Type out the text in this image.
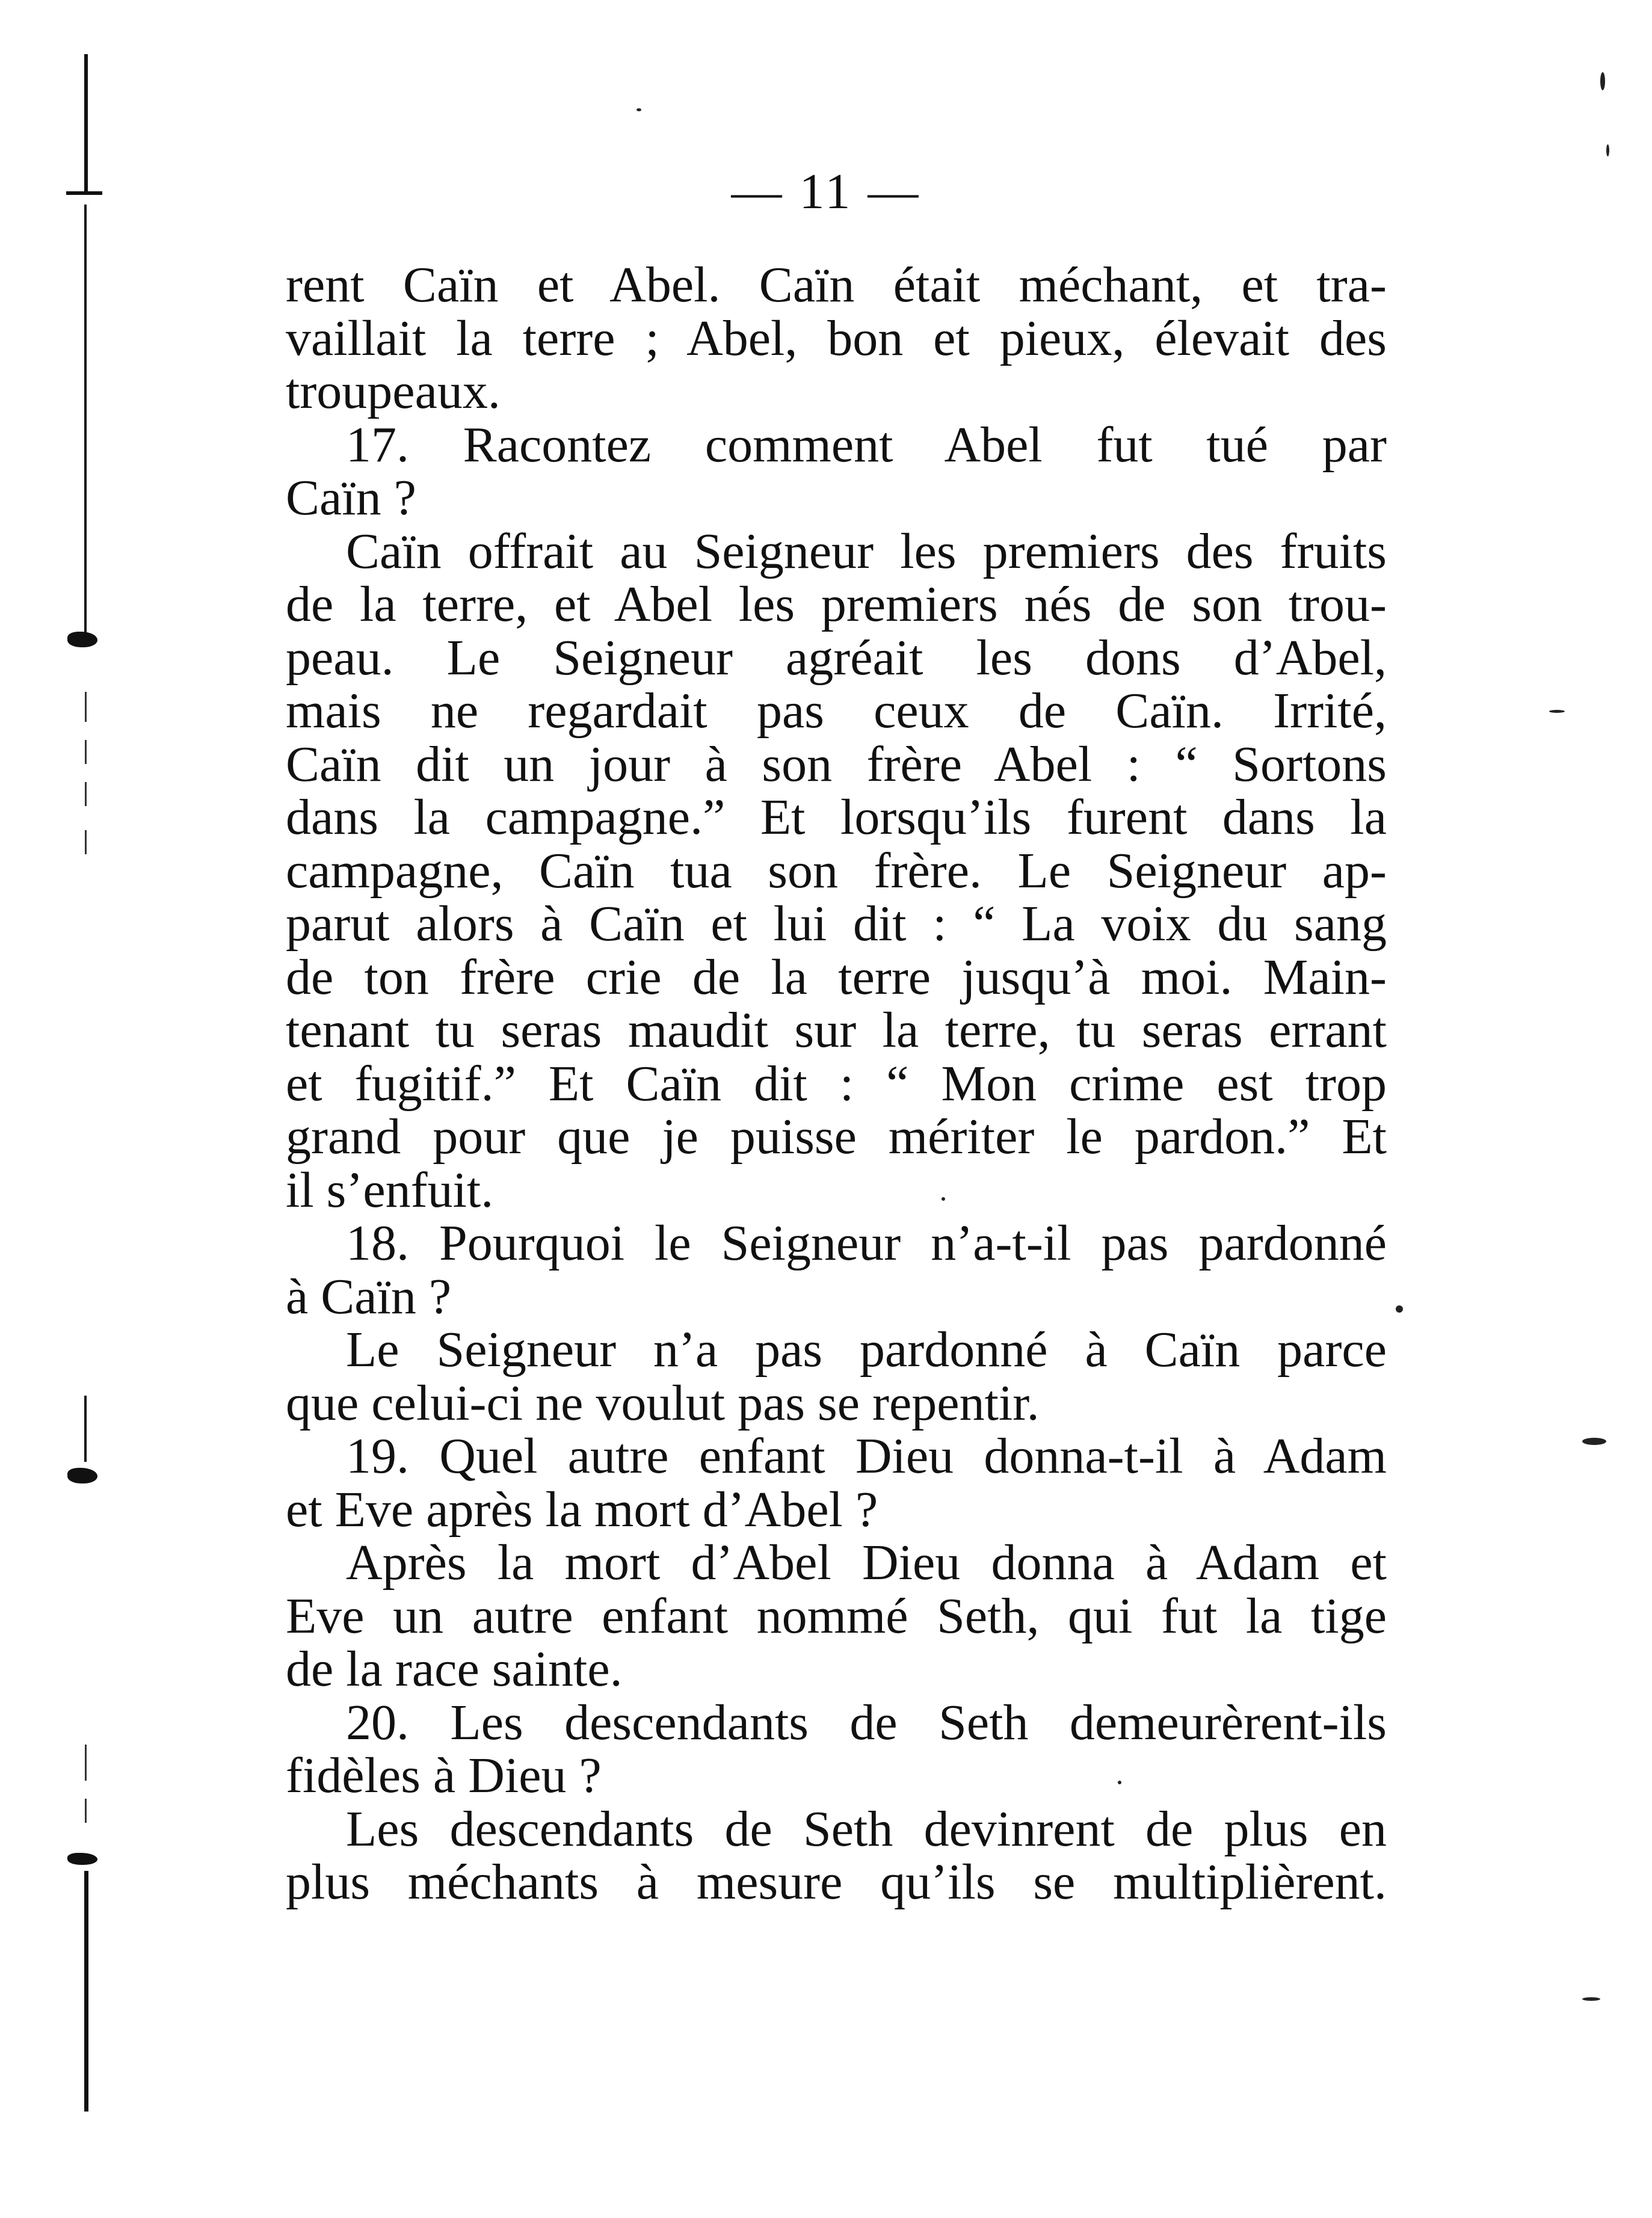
— 11 —
rent Caïn et Abel. Caïn était méchant, et tra-
vaillait la terre ; Abel, bon et pieux, élevait des
troupeaux.
17. Racontez comment Abel fut tué par
Caïn ?
Caïn offrait au Seigneur les premiers des fruits
de la terre, et Abel les premiers nés de son trou-
peau. Le Seigneur agréait les dons d’Abel,
mais ne regardait pas ceux de Caïn. Irrité,
Caïn dit un jour à son frère Abel : “ Sortons
dans la campagne.” Et lorsqu’ils furent dans la
campagne, Caïn tua son frère. Le Seigneur ap-
parut alors à Caïn et lui dit : “ La voix du sang
de ton frère crie de la terre jusqu’à moi. Main-
tenant tu seras maudit sur la terre, tu seras errant
et fugitif.” Et Caïn dit : “ Mon crime est trop
grand pour que je puisse mériter le pardon.” Et
il s’enfuit.
18. Pourquoi le Seigneur n’a-t-il pas pardonné
à Caïn ?
Le Seigneur n’a pas pardonné à Caïn parce
que celui-ci ne voulut pas se repentir.
19. Quel autre enfant Dieu donna-t-il à Adam
et Eve après la mort d’Abel ?
Après la mort d’Abel Dieu donna à Adam et
Eve un autre enfant nommé Seth, qui fut la tige
de la race sainte.
20. Les descendants de Seth demeurèrent-ils
fidèles à Dieu ?
Les descendants de Seth devinrent de plus en
plus méchants à mesure qu’ils se multiplièrent.
